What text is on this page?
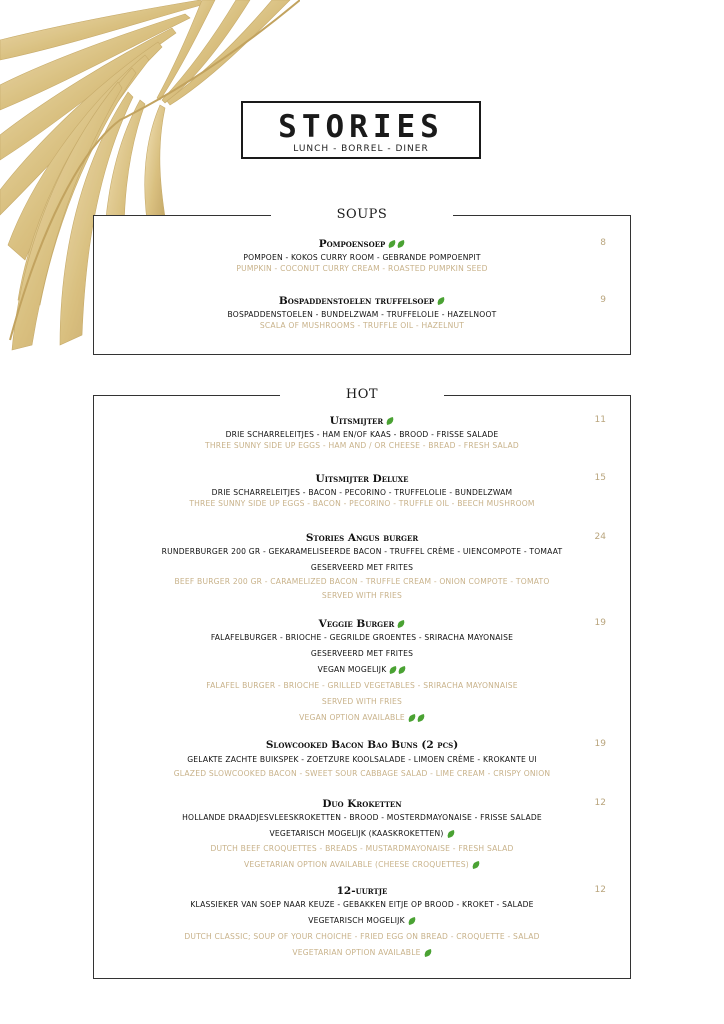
STORIES
LUNCH - BORREL - DINER
SOUPS
Pompoensoep	8
POMPOEN - KOKOS CURRY ROOM - GEBRANDE POMPOENPIT
PUMPKIN - COCONUT CURRY CREAM - ROASTED PUMPKIN SEED
Bospaddenstoelen truffelsoep	9
BOSPADDENSTOELEN - BUNDELZWAM - TRUFFELOLIE - HAZELNOOT
SCALA OF MUSHROOMS - TRUFFLE OIL - HAZELNUT
HOT
Uitsmijter	11
DRIE SCHARRELEITJES - HAM EN/OF KAAS - BROOD - FRISSE SALADE
THREE SUNNY SIDE UP EGGS - HAM AND / OR CHEESE - BREAD - FRESH SALAD
Uitsmijter Deluxe	15
DRIE SCHARRELEITJES - BACON - PECORINO - TRUFFELOLIE - BUNDELZWAM
THREE SUNNY SIDE UP EGGS - BACON - PECORINO - TRUFFLE OIL - BEECH MUSHROOM
Stories Angus burger	24
RUNDERBURGER 200 GR - GEKARAMELISEERDE BACON - TRUFFEL CRÈME - UIENCOMPOTE - TOMAAT
GESERVEERD MET FRITES
BEEF BURGER 200 GR - CARAMELIZED BACON - TRUFFLE CREAM - ONION COMPOTE - TOMATO
SERVED WITH FRIES
Veggie Burger	19
FALAFELBURGER - BRIOCHE - GEGRILDE GROENTES - SRIRACHA MAYONAISE
GESERVEERD MET FRITES
VEGAN MOGELIJK
FALAFEL BURGER - BRIOCHE - GRILLED VEGETABLES - SRIRACHA MAYONNAISE
SERVED WITH FRIES
VEGAN OPTION AVAILABLE
Slowcooked Bacon Bao Buns (2 pcs)	19
GELAKTE ZACHTE BUIKSPEK - ZOETZURE KOOLSALADE - LIMOEN CRÈME - KROKANTE UI
GLAZED SLOWCOOKED BACON - SWEET SOUR CABBAGE SALAD - LIME CREAM - CRISPY ONION
Duo Kroketten	12
HOLLANDE DRAADJESVLEESKROKETTEN - BROOD - MOSTERDMAYONAISE - FRISSE SALADE
VEGETARISCH MOGELIJK (KAASKROKETTEN)
DUTCH BEEF CROQUETTES - BREADS - MUSTARDMAYONAISE - FRESH SALAD
VEGETARIAN OPTION AVAILABLE (CHEESE CROQUETTES)
12-uurtje	12
KLASSIEKER VAN SOEP NAAR KEUZE - GEBAKKEN EITJE OP BROOD - KROKET - SALADE
VEGETARISCH MOGELIJK
DUTCH CLASSIC; SOUP OF YOUR CHOICHE - FRIED EGG ON BREAD - CROQUETTE - SALAD
VEGETARIAN OPTION AVAILABLE
